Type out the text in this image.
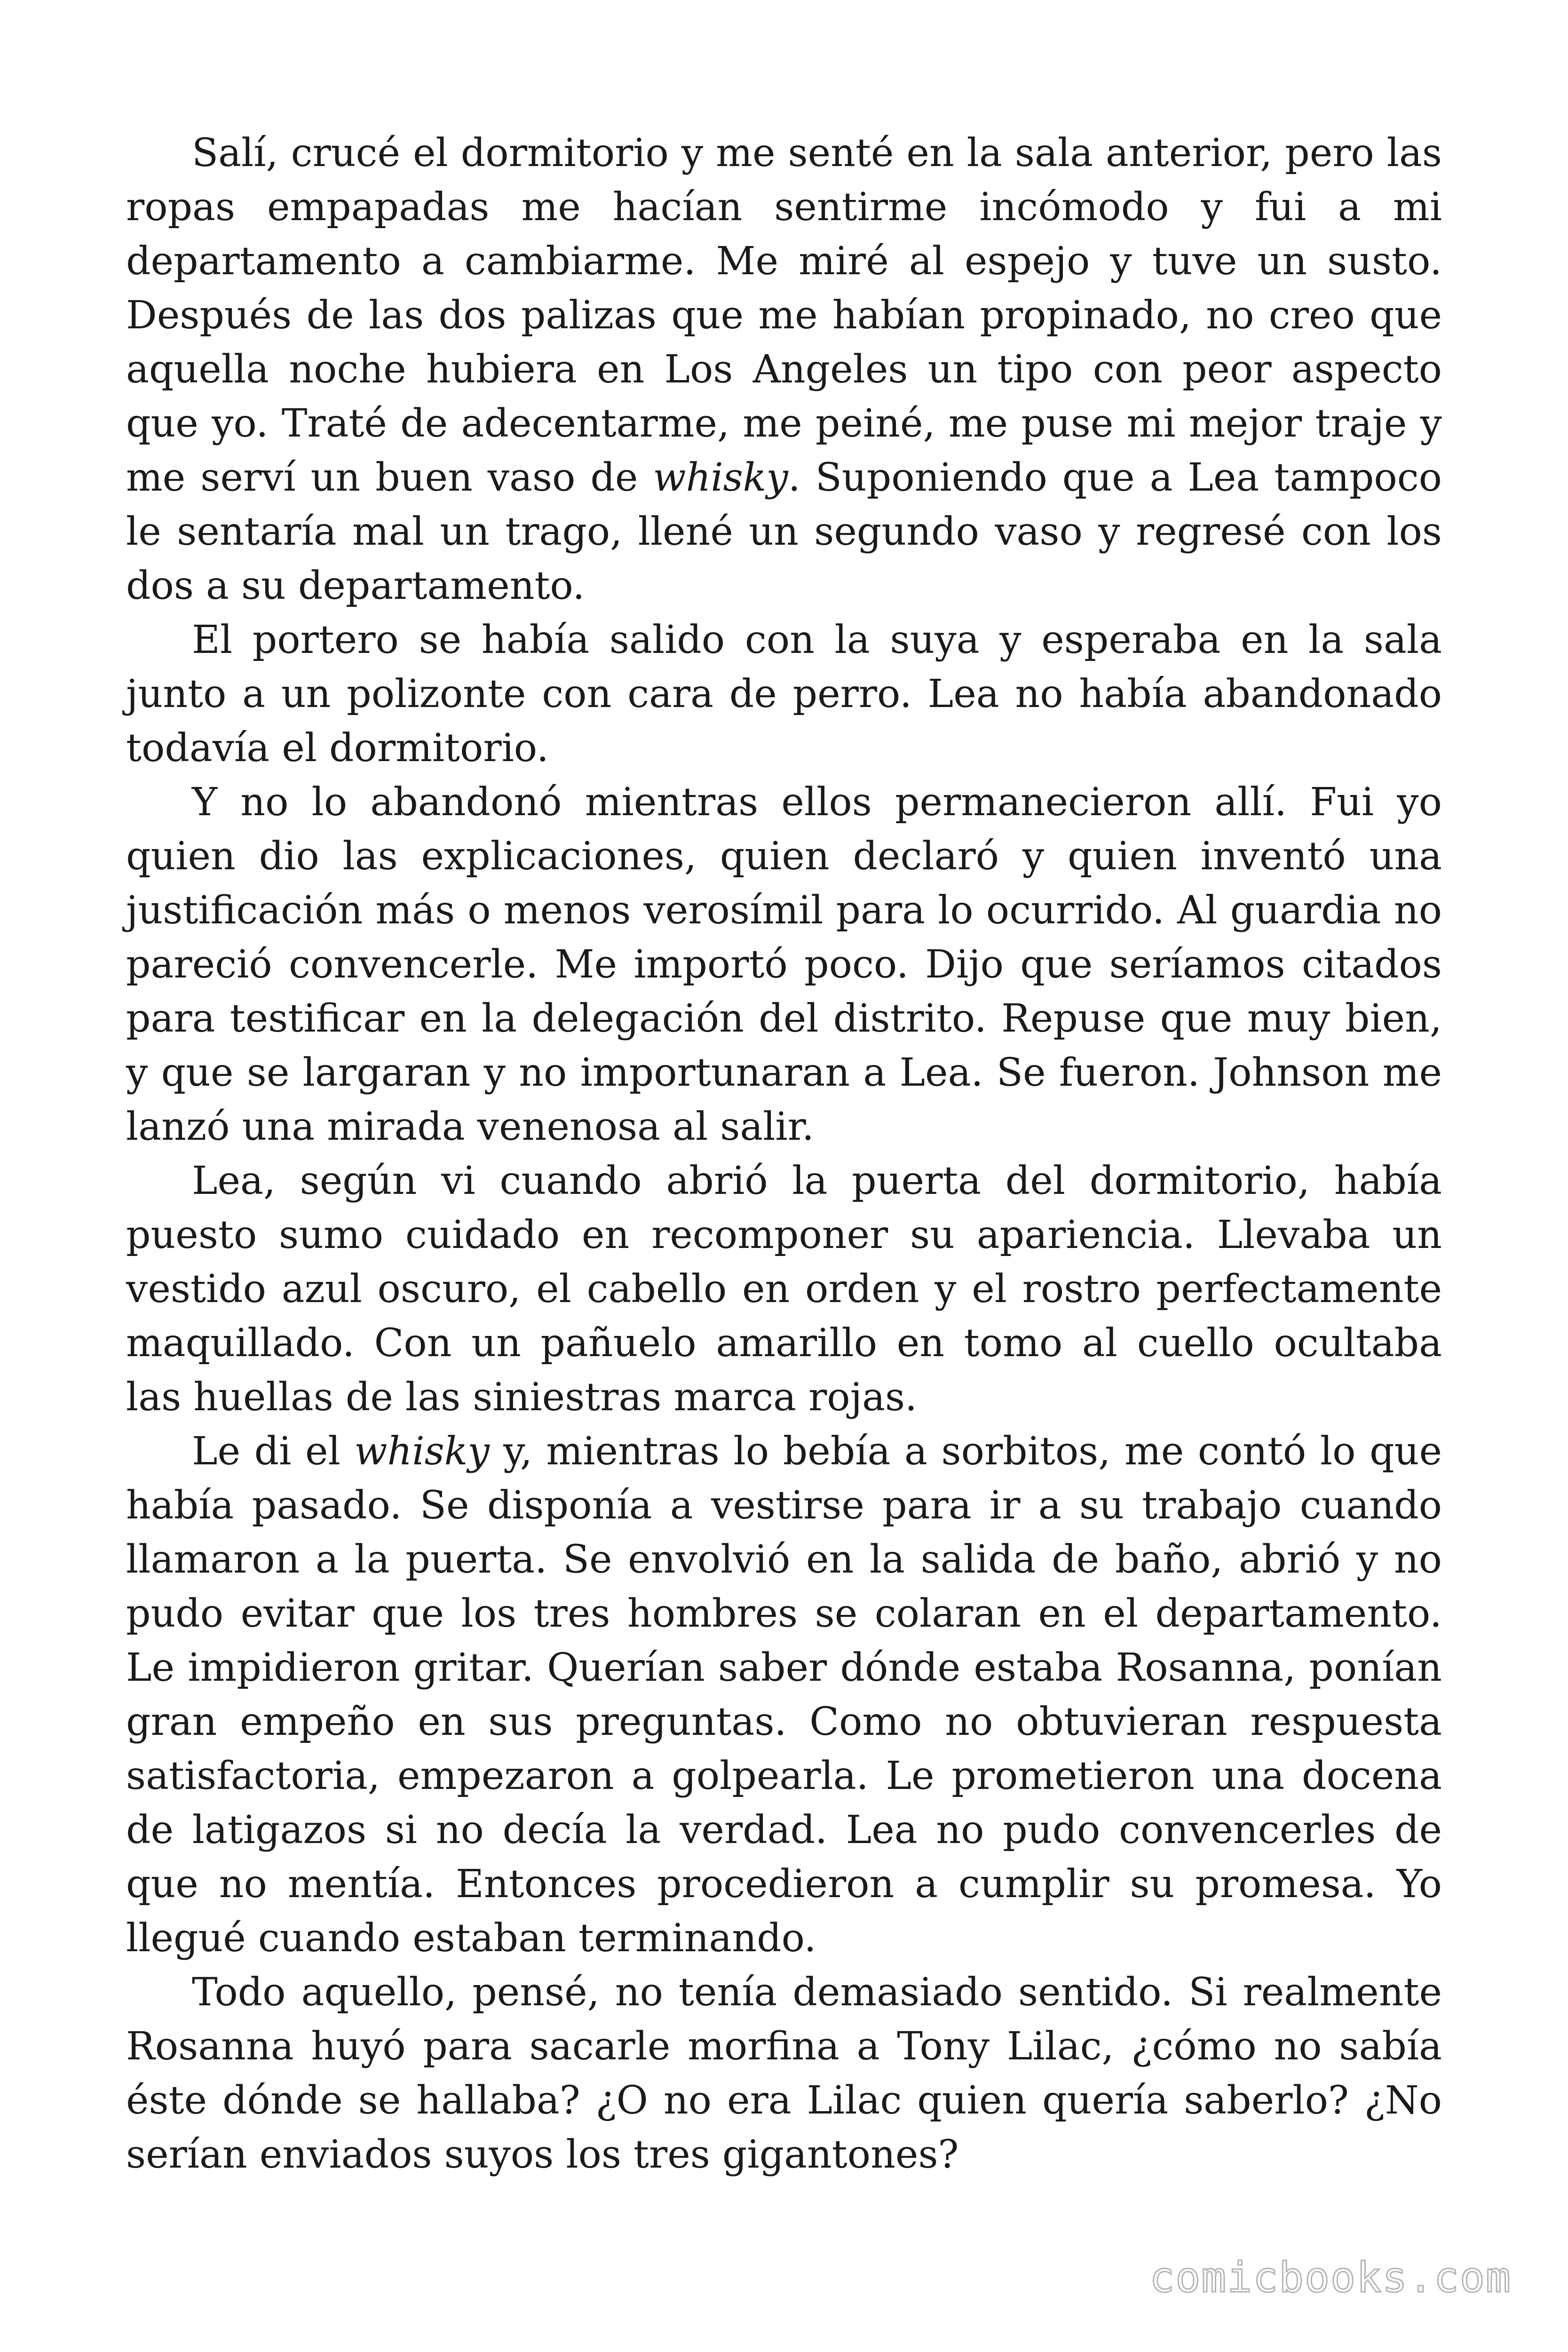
Salí, crucé el dormitorio y me senté en la sala anterior, pero las ropas empapadas me hacían sentirme incómodo y fui a mi departamento a cambiarme. Me miré al espejo y tuve un susto. Después de las dos palizas que me habían propinado, no creo que aquella noche hubiera en Los Angeles un tipo con peor aspecto que yo. Traté de adecentarme, me peiné, me puse mi mejor traje y me serví un buen vaso de whisky. Suponiendo que a Lea tampoco le sentaría mal un trago, llené un segundo vaso y regresé con los dos a su departamento.

El portero se había salido con la suya y esperaba en la sala junto a un polizonte con cara de perro. Lea no había abandonado todavía el dormitorio.

Y no lo abandonó mientras ellos permanecieron allí. Fui yo quien dio las explicaciones, quien declaró y quien inventó una justificación más o menos verosímil para lo ocurrido. Al guardia no pareció convencerle. Me importó poco. Dijo que seríamos citados para testificar en la delegación del distrito. Repuse que muy bien, y que se largaran y no importunaran a Lea. Se fueron. Johnson me lanzó una mirada venenosa al salir.

Lea, según vi cuando abrió la puerta del dormitorio, había puesto sumo cuidado en recomponer su apariencia. Llevaba un vestido azul oscuro, el cabello en orden y el rostro perfectamente maquillado. Con un pañuelo amarillo en tomo al cuello ocultaba las huellas de las siniestras marca rojas.

Le di el whisky y, mientras lo bebía a sorbitos, me contó lo que había pasado. Se disponía a vestirse para ir a su trabajo cuando llamaron a la puerta. Se envolvió en la salida de baño, abrió y no pudo evitar que los tres hombres se colaran en el departamento. Le impidieron gritar. Querían saber dónde estaba Rosanna, ponían gran empeño en sus preguntas. Como no obtuvieran respuesta satisfactoria, empezaron a golpearla. Le prometieron una docena de latigazos si no decía la verdad. Lea no pudo convencerles de que no mentía. Entonces procedieron a cumplir su promesa. Yo llegué cuando estaban terminando.

Todo aquello, pensé, no tenía demasiado sentido. Si realmente Rosanna huyó para sacarle morfina a Tony Lilac, ¿cómo no sabía éste dónde se hallaba? ¿O no era Lilac quien quería saberlo? ¿No serían enviados suyos los tres gigantones?

comicbooks.com
